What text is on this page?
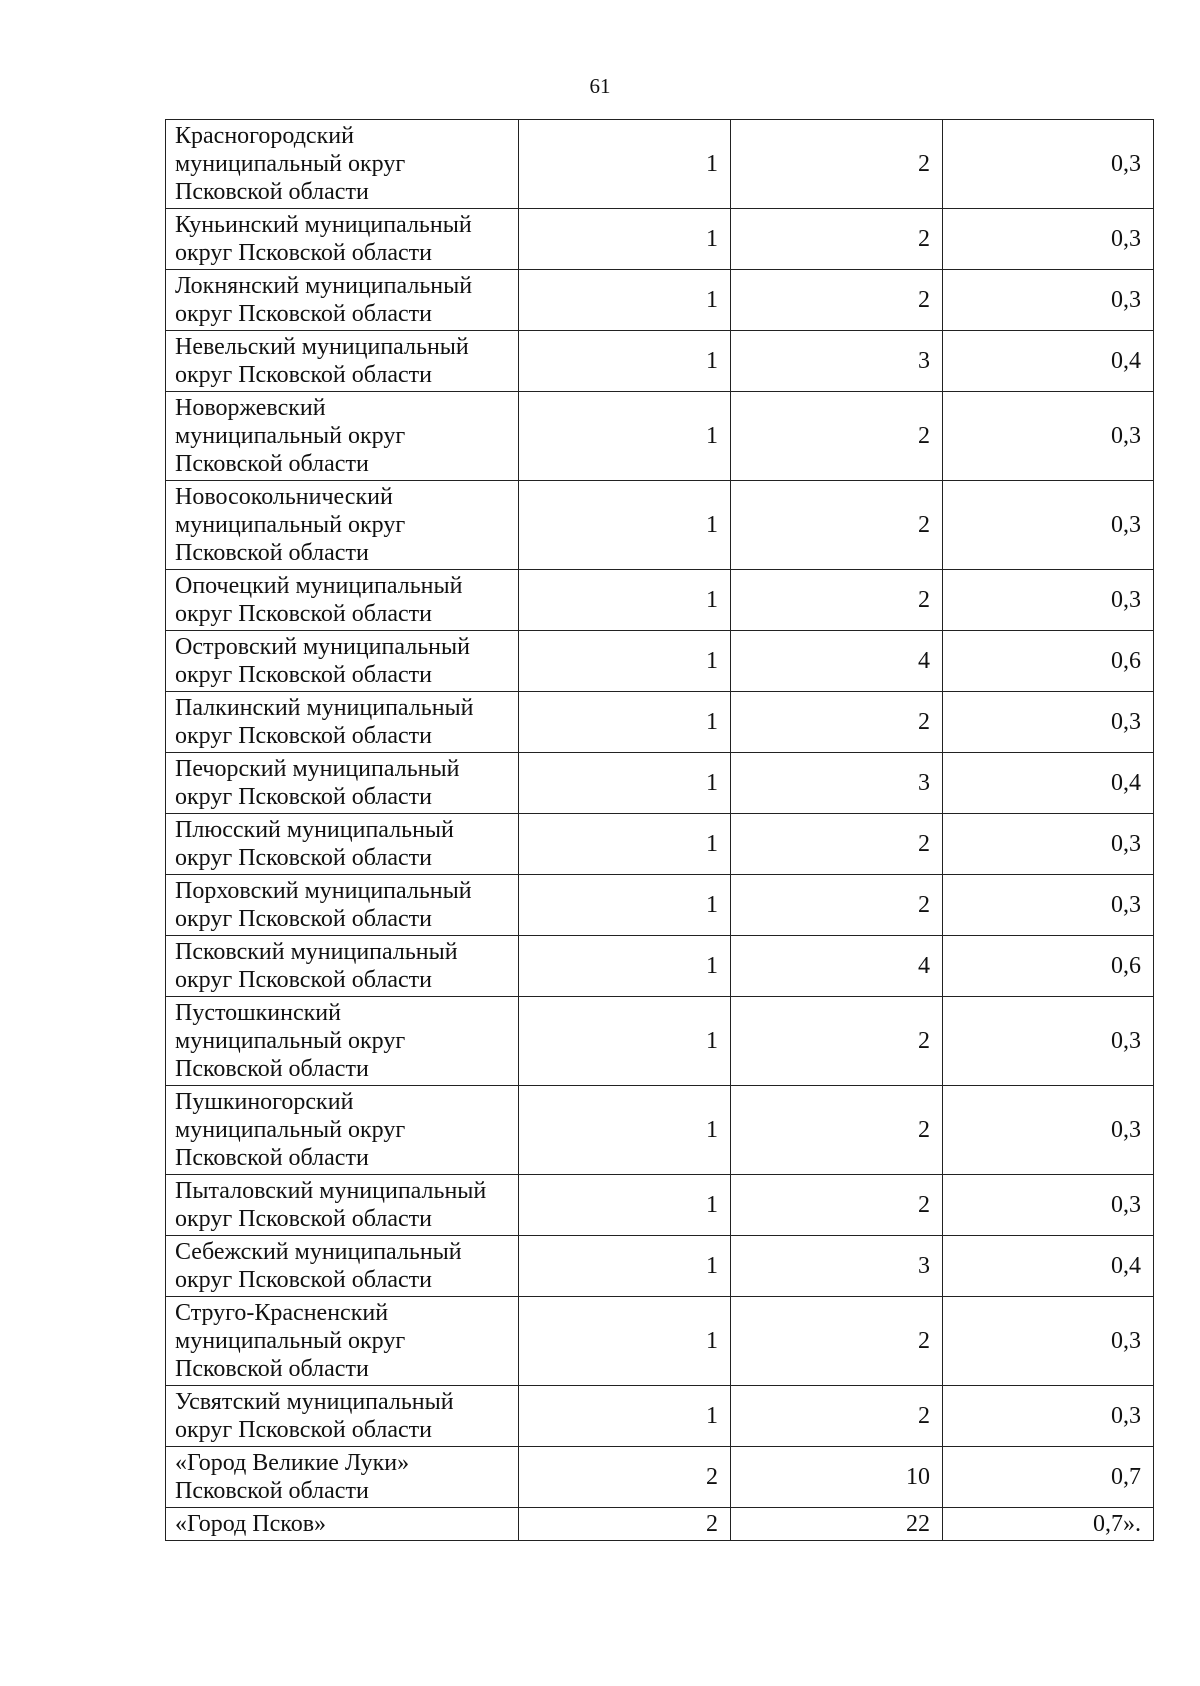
61
Красногородский
муниципальный округ
Псковской области	1	2	0,3
Куньинский муниципальный
округ Псковской области	1	2	0,3
Локнянский муниципальный
округ Псковской области	1	2	0,3
Невельский муниципальный
округ Псковской области	1	3	0,4
Новоржевский
муниципальный округ
Псковской области	1	2	0,3
Новосокольнический
муниципальный округ
Псковской области	1	2	0,3
Опочецкий муниципальный
округ Псковской области	1	2	0,3
Островский муниципальный
округ Псковской области	1	4	0,6
Палкинский муниципальный
округ Псковской области	1	2	0,3
Печорский муниципальный
округ Псковской области	1	3	0,4
Плюсский муниципальный
округ Псковской области	1	2	0,3
Порховский муниципальный
округ Псковской области	1	2	0,3
Псковский муниципальный
округ Псковской области	1	4	0,6
Пустошкинский
муниципальный округ
Псковской области	1	2	0,3
Пушкиногорский
муниципальный округ
Псковской области	1	2	0,3
Пыталовский муниципальный
округ Псковской области	1	2	0,3
Себежский муниципальный
округ Псковской области	1	3	0,4
Струго-Красненский
муниципальный округ
Псковской области	1	2	0,3
Усвятский муниципальный
округ Псковской области	1	2	0,3
«Город Великие Луки»
Псковской области	2	10	0,7
«Город Псков»	2	22	0,7».
